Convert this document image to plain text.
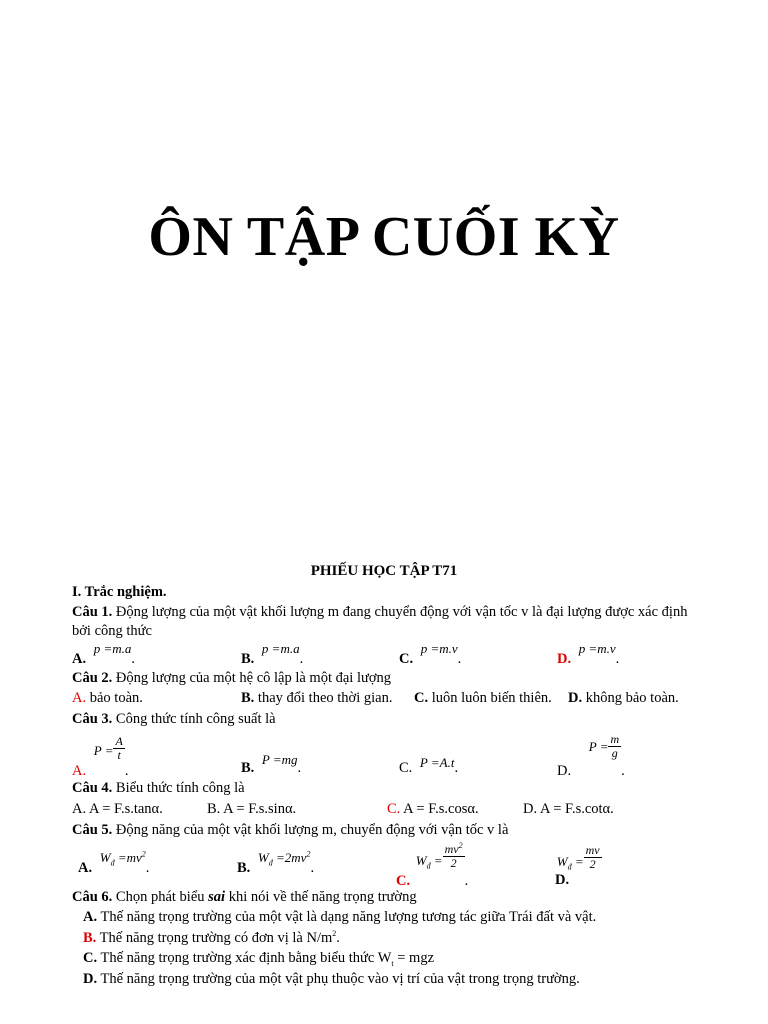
ÔN TẬP CUỐI KỲ
PHIẾU HỌC TẬP T71
I. Trắc nghiệm.
Câu 1. Động lượng của một vật khối lượng m đang chuyển động với vận tốc v là đại lượng được xác định
bởi công thức
A. p =m.a.	B. p =m.a.	C. p =m.v.	D. p =m.v.
Câu 2. Động lượng của một hệ cô lập là một đại lượng
A. bảo toàn.	B. thay đổi theo thời gian. C. luôn luôn biến thiên. D. không bảo toàn.
Câu 3. Công thức tính công suất là
A. $P = \frac{A}{t}$
.	B. P =mg.	C. P =A.t.	D. $P = \frac{m}{g}$
.
Câu 4. Biểu thức tính công là
A. A = F.s.tanα.	B. A = F.s.sinα.	C. A = F.s.cosα.	D. A = F.s.cotα.
Câu 5. Động năng của một vật khối lượng m, chuyển động với vận tốc v là
A. $W_đ =mv^2$.	B. $W_đ =2mv^2$.
C. $W_đ = \frac{mv^2}{2}$
.	D. $W_đ = \frac{mv}{2}$
Câu 6. Chọn phát biểu sai khi nói về thế năng trọng trường
A. Thế năng trọng trường của một vật là dạng năng lượng tương tác giữa Trái đất và vật.
B. Thế năng trọng trường có đơn vị là $N/m^2$.
C. Thế năng trọng trường xác định bằng biểu thức $W_t$ = mgz
D. Thế năng trọng trường của một vật phụ thuộc vào vị trí của vật trong trọng trường.
